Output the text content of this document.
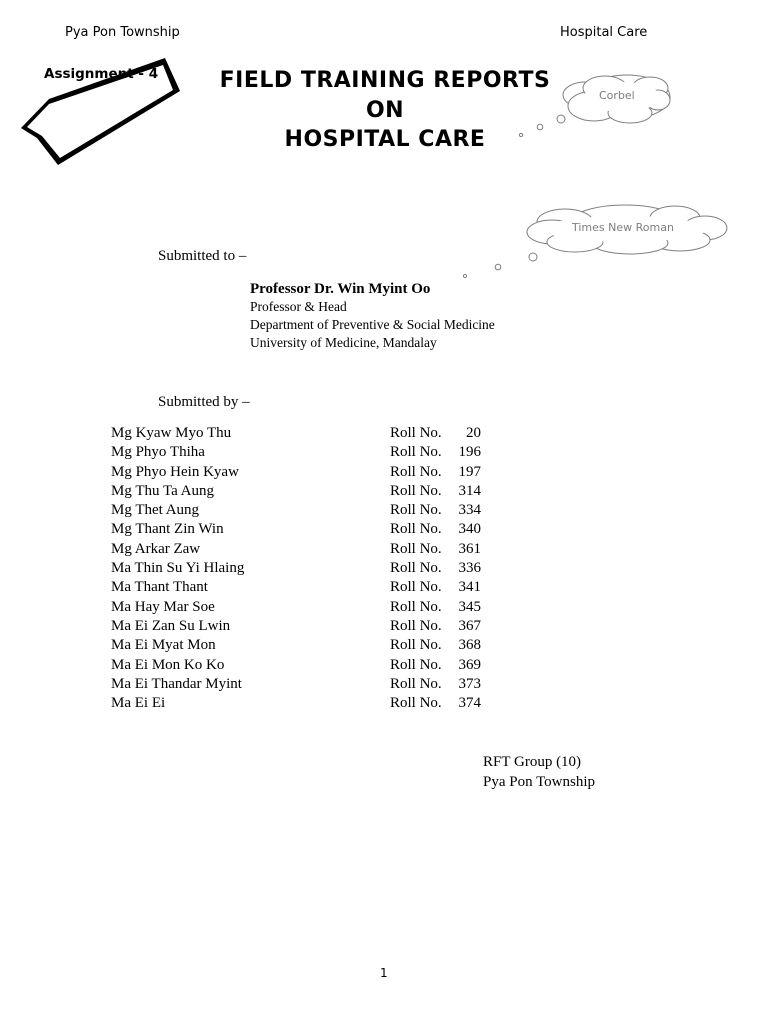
Pya Pon Township	Hospital Care
Assignment - 4	FIELD TRAINING REPORTS
ON
HOSPITAL CARE
Corbel
Times New Roman
Submitted to –
Professor Dr. Win Myint Oo
Professor & Head
Department of Preventive & Social Medicine
University of Medicine, Mandalay
Submitted by –
Mg Kyaw Myo Thu	Roll No.	20
Mg Phyo Thiha	Roll No.	196
Mg Phyo Hein Kyaw	Roll No.	197
Mg Thu Ta Aung	Roll No.	314
Mg Thet Aung	Roll No.	334
Mg Thant Zin Win	Roll No.	340
Mg Arkar Zaw	Roll No.	361
Ma Thin Su Yi Hlaing	Roll No.	336
Ma Thant Thant	Roll No.	341
Ma Hay Mar Soe	Roll No.	345
Ma Ei Zan Su Lwin	Roll No.	367
Ma Ei Myat Mon	Roll No.	368
Ma Ei Mon Ko Ko	Roll No.	369
Ma Ei Thandar Myint	Roll No.	373
Ma Ei Ei	Roll No.	374
RFT Group (10)
Pya Pon Township
1
